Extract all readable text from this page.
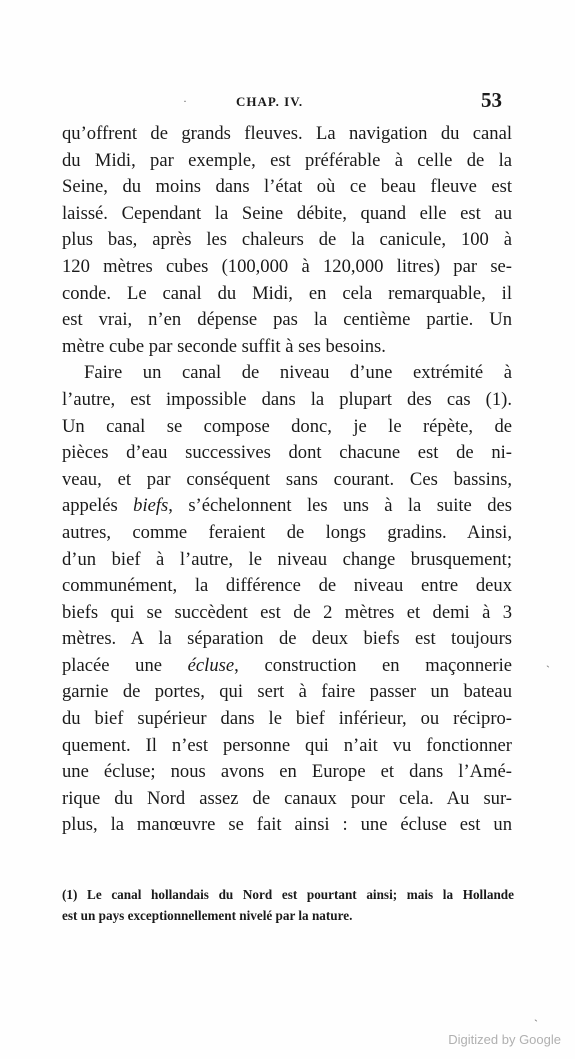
·
ˎ
ˏ
CHAP. IV.	53
qu’offrent de grands fleuves. La navigation du canal
du Midi, par exemple, est préférable à celle de la
Seine, du moins dans l’état où ce beau fleuve est
laissé. Cependant la Seine débite, quand elle est au
plus bas, après les chaleurs de la canicule, 100 à
120 mètres cubes (100,000 à 120,000 litres) par se-
conde. Le canal du Midi, en cela remarquable, il
est vrai, n’en dépense pas la centième partie. Un
mètre cube par seconde suffit à ses besoins.
Faire un canal de niveau d’une extrémité à
l’autre, est impossible dans la plupart des cas (1).
Un canal se compose donc, je le répète, de
pièces d’eau successives dont chacune est de ni-
veau, et par conséquent sans courant. Ces bassins,
appelés biefs, s’échelonnent les uns à la suite des
autres, comme feraient de longs gradins. Ainsi,
d’un bief à l’autre, le niveau change brusquement;
communément, la différence de niveau entre deux
biefs qui se succèdent est de 2 mètres et demi à 3
mètres. A la séparation de deux biefs est toujours
placée une écluse, construction en maçonnerie
garnie de portes, qui sert à faire passer un bateau
du bief supérieur dans le bief inférieur, ou récipro-
quement. Il n’est personne qui n’ait vu fonctionner
une écluse; nous avons en Europe et dans l’Amé-
rique du Nord assez de canaux pour cela. Au sur-
plus, la manœuvre se fait ainsi : une écluse est un
(1) Le canal hollandais du Nord est pourtant ainsi; mais la Hollande
est un pays exceptionnellement nivelé par la nature.
Digitized by Google
